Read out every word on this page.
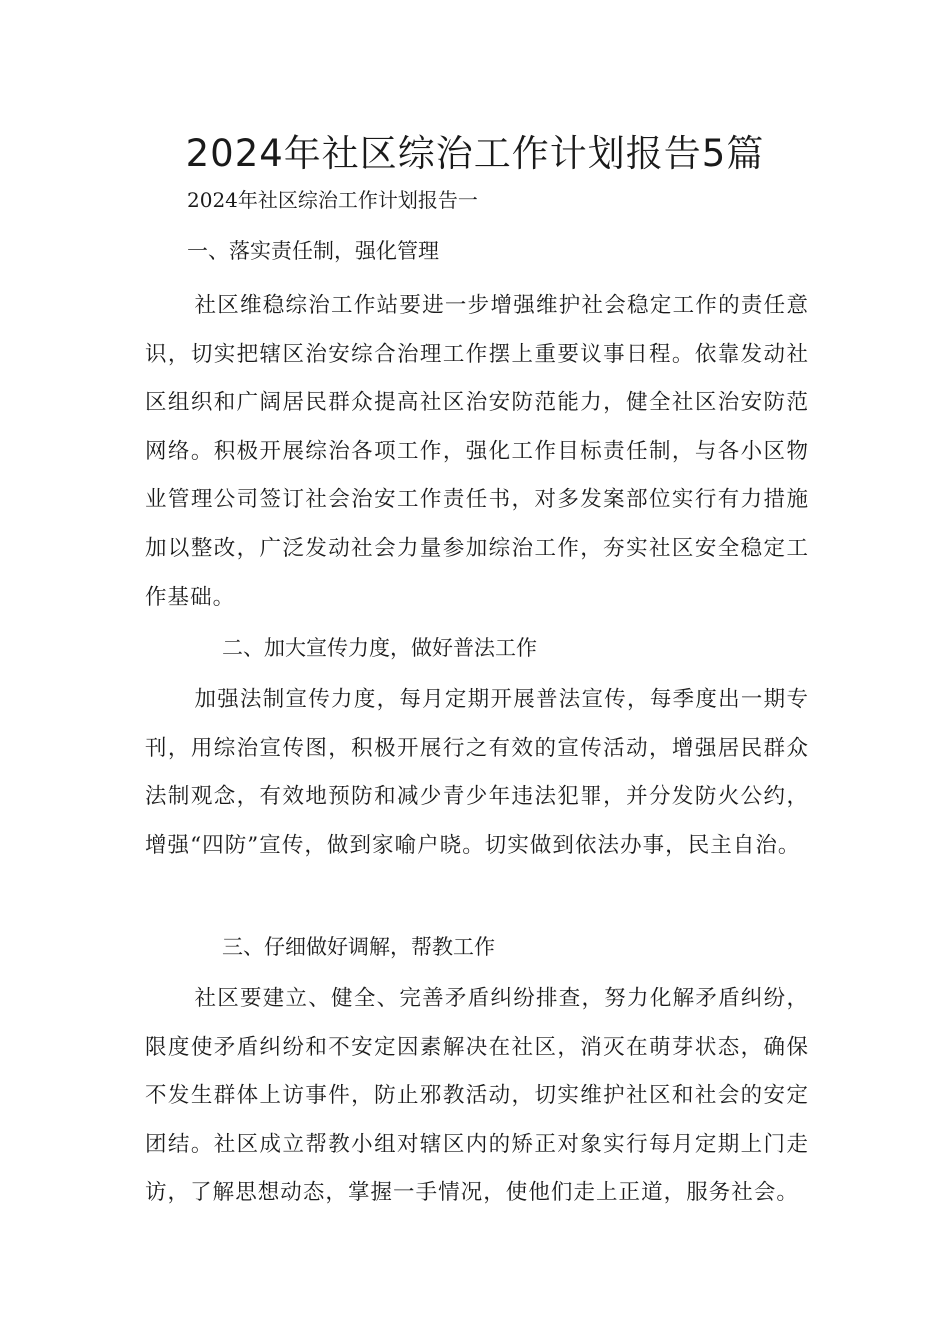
2024年社区综治工作计划报告5篇

2024年社区综治工作计划报告一

一、落实责任制，强化管理

社区维稳综治工作站要进一步增强维护社会稳定工作的责任意识，切实把辖区治安综合治理工作摆上重要议事日程。依靠发动社区组织和广阔居民群众提高社区治安防范能力，健全社区治安防范网络。积极开展综治各项工作，强化工作目标责任制，与各小区物业管理公司签订社会治安工作责任书，对多发案部位实行有力措施加以整改，广泛发动社会力量参加综治工作，夯实社区安全稳定工作基础。

二、加大宣传力度，做好普法工作

加强法制宣传力度，每月定期开展普法宣传，每季度出一期专刊，用综治宣传图，积极开展行之有效的宣传活动，增强居民群众法制观念，有效地预防和减少青少年违法犯罪，并分发防火公约，增强“四防”宣传，做到家喻户晓。切实做到依法办事，民主自治。

三、仔细做好调解，帮教工作

社区要建立、健全、完善矛盾纠纷排查，努力化解矛盾纠纷，限度使矛盾纠纷和不安定因素解决在社区，消灭在萌芽状态，确保不发生群体上访事件，防止邪教活动，切实维护社区和社会的安定团结。社区成立帮教小组对辖区内的矫正对象实行每月定期上门走访，了解思想动态，掌握一手情况，使他们走上正道，服务社会。
